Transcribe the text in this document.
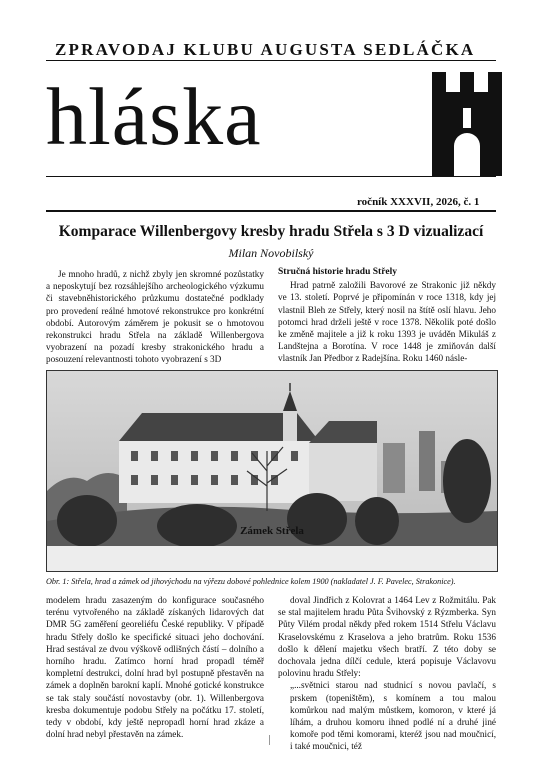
ZPRAVODAJ KLUBU AUGUSTA SEDLÁČKA
hláska
ročník XXXVII, 2026, č. 1
Komparace Willenbergovy kresby hradu Střela s 3 D vizualizací
Milan Novobilský

Je mnoho hradů, z nichž zbyly jen skromné pozůstatky a neposkytují bez rozsáhlejšího archeologického výzkumu či stavebněhistorického průzkumu dostatečné podklady pro provedení reálné hmotové rekonstrukce pro konkrétní období. Autorovým záměrem je pokusit se o hmotovou rekonstrukci hradu Střela na základě Willenbergova vyobrazení na pozadí kresby strakonického hradu a posouzení relevantnosti tohoto vyobrazení s 3D

Stručná historie hradu Střely

Hrad patrně založili Bavorové ze Strakonic již někdy ve 13. století. Poprvé je připomínán v roce 1318, kdy jej vlastnil Bleh ze Střely, který nosil na štítě oslí hlavu. Jeho potomci hrad drželi ještě v roce 1378. Několik poté došlo ke změně majitele a již k roku 1393 je uváděn Mikuláš z Landštejna a Borotína. V roce 1448 je zmiňován další vlastník Jan Předbor z Radejšína. Roku 1460 násle-

Zámek Střela
Obr. 1: Střela, hrad a zámek od jihovýchodu na výřezu dobové pohlednice kolem 1900 (nakladatel J. F. Pavelec, Strakonice).

modelem hradu zasazeným do konfigurace současného terénu vytvořeného na základě získaných lidarových dat DMR 5G zaměření georeliéfu České republiky. V případě hradu Střely došlo ke specifické situaci jeho dochování. Hrad sestával ze dvou výškově odlišných částí – dolního a horního hradu. Zatímco horní hrad propadl téměř kompletní destrukci, dolní hrad byl postupně přestavěn na zámek a doplněn barokní kaplí. Mnohé gotické konstrukce se tak staly součástí novostavby (obr. 1). Willenbergova kresba dokumentuje podobu Střely na počátku 17. století, tedy v období, kdy ještě nepropadl horní hrad zkáze a dolní hrad nebyl přestavěn na zámek.

doval Jindřich z Kolovrat a 1464 Lev z Rožmitálu. Pak se stal majitelem hradu Půta Švihovský z Rýzmberka. Syn Půty Vilém prodal někdy před rokem 1514 Střelu Václavu Kraselovskému z Kraselova a jeho bratrům. Roku 1536 došlo k dělení majetku všech bratří. Z této doby se dochovala jedna dílčí cedule, která popisuje Václavovu polovinu hradu Střely:

„...světnici starou nad studnicí s novou pavlačí, s prskem (topeništěm), s komínem a tou malou komůrkou nad malým můstkem, komoron, v které já líhám, a druhou komoru ihned podlé ní a druhé jiné komoře pod těmi komorami, kteréž jsou nad moučnicí, i také moučnici, též
